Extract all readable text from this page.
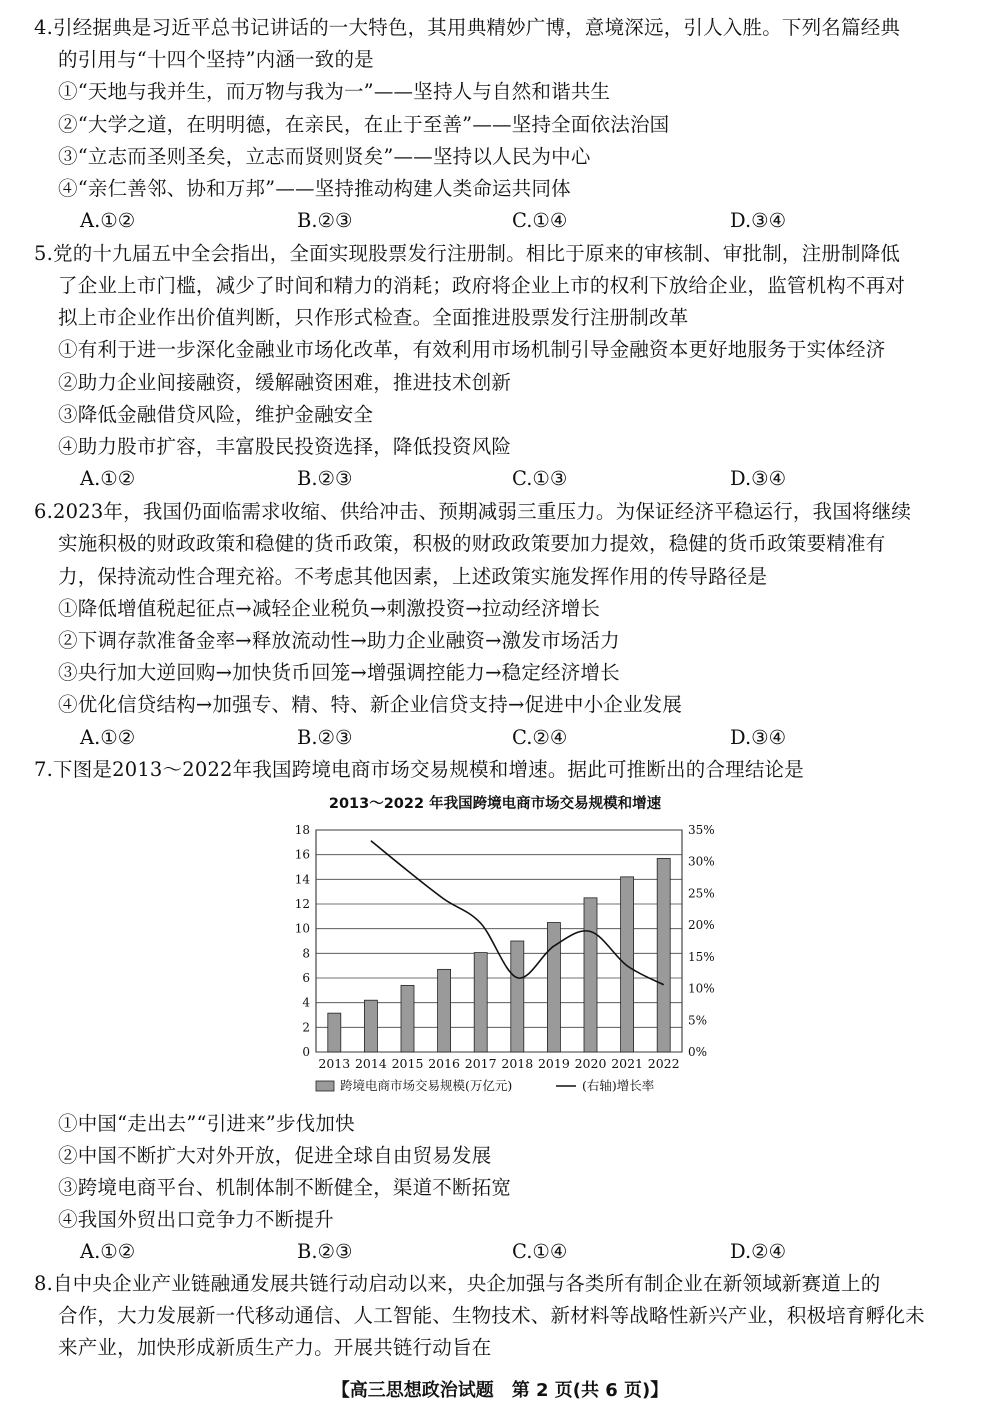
4.引经据典是习近平总书记讲话的一大特色，其用典精妙广博，意境深远，引人入胜。下列名篇经典
的引用与“十四个坚持”内涵一致的是
①“天地与我并生，而万物与我为一”——坚持人与自然和谐共生
②“大学之道，在明明德，在亲民，在止于至善”——坚持全面依法治国
③“立志而圣则圣矣，立志而贤则贤矣”——坚持以人民为中心
④“亲仁善邻、协和万邦”——坚持推动构建人类命运共同体
A.①②	B.②③	C.①④	D.③④
5.党的十九届五中全会指出，全面实现股票发行注册制。相比于原来的审核制、审批制，注册制降低
了企业上市门槛，减少了时间和精力的消耗；政府将企业上市的权利下放给企业，监管机构不再对
拟上市企业作出价值判断，只作形式检查。全面推进股票发行注册制改革
①有利于进一步深化金融业市场化改革，有效利用市场机制引导金融资本更好地服务于实体经济
②助力企业间接融资，缓解融资困难，推进技术创新
③降低金融借贷风险，维护金融安全
④助力股市扩容，丰富股民投资选择，降低投资风险
A.①②	B.②③	C.①③	D.③④
6.2023年，我国仍面临需求收缩、供给冲击、预期减弱三重压力。为保证经济平稳运行，我国将继续
实施积极的财政政策和稳健的货币政策，积极的财政政策要加力提效，稳健的货币政策要精准有
力，保持流动性合理充裕。不考虑其他因素，上述政策实施发挥作用的传导路径是
①降低增值税起征点→减轻企业税负→刺激投资→拉动经济增长
②下调存款准备金率→释放流动性→助力企业融资→激发市场活力
③央行加大逆回购→加快货币回笼→增强调控能力→稳定经济增长
④优化信贷结构→加强专、精、特、新企业信贷支持→促进中小企业发展
A.①②	B.②③	C.②④	D.③④
7.下图是2013～2022年我国跨境电商市场交易规模和增速。据此可推断出的合理结论是
2013～2022 年我国跨境电商市场交易规模和增速
0
2
4
6
8
10
12
14
16
18
0%
5%
10%
15%
20%
25%
30%
35%
2013 2014 2015 2016 2017 2018 2019 2020 2021 2022
跨境电商市场交易规模(万亿元)	(右轴)增长率
①中国“走出去”“引进来”步伐加快
②中国不断扩大对外开放，促进全球自由贸易发展
③跨境电商平台、机制体制不断健全，渠道不断拓宽
④我国外贸出口竞争力不断提升
A.①②	B.②③	C.①④	D.②④
8.自中央企业产业链融通发展共链行动启动以来，央企加强与各类所有制企业在新领域新赛道上的
合作，大力发展新一代移动通信、人工智能、生物技术、新材料等战略性新兴产业，积极培育孵化未
来产业，加快形成新质生产力。开展共链行动旨在
【高三思想政治试题　第 2 页(共 6 页)】
